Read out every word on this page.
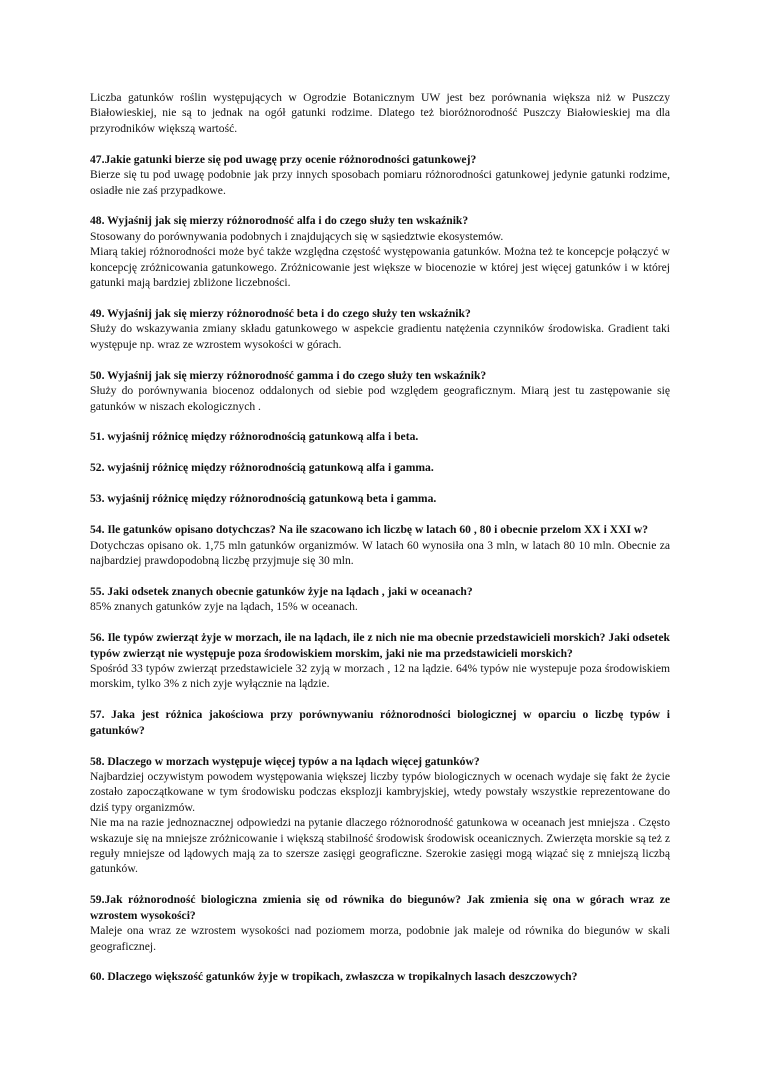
Liczba gatunków roślin występujących w Ogrodzie Botanicznym UW jest bez porównania większa niż w Puszczy Białowieskiej, nie są to jednak na ogół gatunki rodzime. Dlatego też bioróżnorodność Puszczy Białowieskiej ma dla przyrodników większą wartość.

47.Jakie gatunki bierze się pod uwagę przy ocenie różnorodności gatunkowej?

Bierze się tu pod uwagę podobnie jak przy innych sposobach pomiaru różnorodności gatunkowej jedynie gatunki rodzime, osiadłe nie zaś przypadkowe.

48. Wyjaśnij jak się mierzy różnorodność alfa i do czego służy ten wskaźnik?

Stosowany do porównywania podobnych i znajdujących się w sąsiedztwie ekosystemów.

Miarą takiej różnorodności może być także względna częstość występowania gatunków. Można też te koncepcje połączyć w koncepcję zróżnicowania gatunkowego. Zróżnicowanie jest większe w biocenozie w której jest więcej gatunków i w której gatunki mają bardziej zbliżone liczebności.

49. Wyjaśnij jak się mierzy różnorodność beta i do czego służy ten wskaźnik?

Służy do wskazywania zmiany składu gatunkowego w aspekcie gradientu natężenia czynników środowiska. Gradient taki występuje np. wraz ze wzrostem wysokości w górach.

50. Wyjaśnij jak się mierzy różnorodność gamma i do czego służy ten wskaźnik?

Służy do porównywania biocenoz oddalonych od siebie pod względem geograficznym. Miarą jest tu zastępowanie się gatunków w niszach ekologicznych .

51. wyjaśnij różnicę między różnorodnością gatunkową alfa i beta.

52. wyjaśnij różnicę między różnorodnością gatunkową alfa i gamma.

53. wyjaśnij różnicę między różnorodnością gatunkową beta i gamma.

54. Ile gatunków opisano dotychczas? Na ile szacowano ich liczbę w latach 60 , 80 i obecnie przelom XX i XXI w?

Dotychczas opisano ok. 1,75 mln gatunków organizmów. W latach 60 wynosiła ona 3 mln, w latach 80 10 mln. Obecnie za najbardziej prawdopodobną liczbę przyjmuje się 30 mln.

55. Jaki odsetek znanych obecnie gatunków żyje na lądach , jaki w oceanach?

85% znanych gatunków zyje na lądach, 15% w oceanach.

56. Ile typów zwierząt żyje w morzach, ile na lądach, ile z nich nie ma obecnie przedstawicieli morskich? Jaki odsetek typów zwierząt nie występuje poza środowiskiem morskim, jaki nie ma przedstawicieli morskich?

Spośród 33 typów zwierząt przedstawiciele 32 zyją w morzach , 12 na lądzie. 64% typów nie wystepuje poza środowiskiem morskim, tylko 3% z nich zyje wyłącznie na lądzie.

57. Jaka jest różnica jakościowa przy porównywaniu różnorodności biologicznej w oparciu o liczbę typów i gatunków?

58. Dlaczego w morzach występuje więcej typów a na lądach więcej gatunków?

Najbardziej oczywistym powodem występowania większej liczby typów biologicznych w ocenach wydaje się fakt że życie zostało zapoczątkowane w tym środowisku podczas eksplozji kambryjskiej, wtedy powstały wszystkie reprezentowane do dziś typy organizmów.

Nie ma na razie jednoznacznej odpowiedzi na pytanie dlaczego różnorodność gatunkowa w oceanach jest mniejsza . Często wskazuje się na mniejsze zróżnicowanie i większą stabilność środowisk środowisk oceanicznych. Zwierzęta morskie są też z reguły mniejsze od lądowych mają za to szersze zasięgi geograficzne. Szerokie zasięgi mogą wiązać się z mniejszą liczbą gatunków.

59.Jak różnorodność biologiczna zmienia się od równika do biegunów? Jak zmienia się ona w górach wraz ze wzrostem wysokości?

Maleje ona wraz ze wzrostem wysokości nad poziomem morza, podobnie jak maleje od równika do biegunów w skali geograficznej.

60. Dlaczego większość gatunków żyje w tropikach, zwłaszcza w tropikalnych lasach deszczowych?
